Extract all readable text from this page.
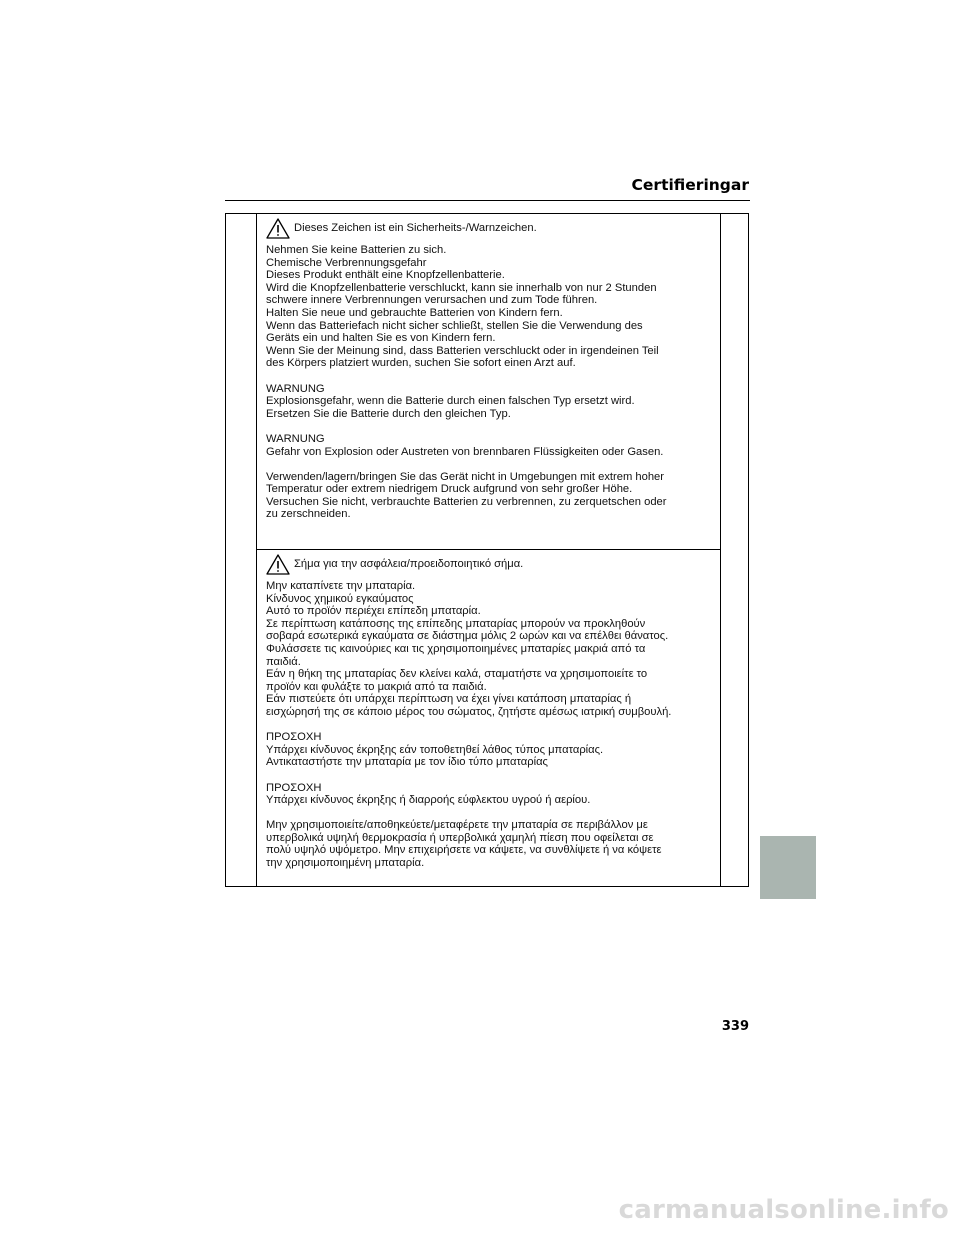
Certifieringar
Dieses Zeichen ist ein Sicherheits-/Warnzeichen.
Nehmen Sie keine Batterien zu sich.
Chemische Verbrennungsgefahr
Dieses Produkt enthält eine Knopfzellenbatterie.
Wird die Knopfzellenbatterie verschluckt, kann sie innerhalb von nur 2 Stunden
schwere innere Verbrennungen verursachen und zum Tode führen.
Halten Sie neue und gebrauchte Batterien von Kindern fern.
Wenn das Batteriefach nicht sicher schließt, stellen Sie die Verwendung des
Geräts ein und halten Sie es von Kindern fern.
Wenn Sie der Meinung sind, dass Batterien verschluckt oder in irgendeinen Teil
des Körpers platziert wurden, suchen Sie sofort einen Arzt auf.
WARNUNG
Explosionsgefahr, wenn die Batterie durch einen falschen Typ ersetzt wird.
Ersetzen Sie die Batterie durch den gleichen Typ.
WARNUNG
Gefahr von Explosion oder Austreten von brennbaren Flüssigkeiten oder Gasen.
Verwenden/lagern/bringen Sie das Gerät nicht in Umgebungen mit extrem hoher
Temperatur oder extrem niedrigem Druck aufgrund von sehr großer Höhe.
Versuchen Sie nicht, verbrauchte Batterien zu verbrennen, zu zerquetschen oder
zu zerschneiden.
Σήμα για την ασφάλεια/προειδοποιητικό σήμα.
Μην καταπίνετε την μπαταρία.
Κίνδυνος χημικού εγκαύματος
Αυτό το προϊόν περιέχει επίπεδη μπαταρία.
Σε περίπτωση κατάποσης της επίπεδης μπαταρίας μπορούν να προκληθούν
σοβαρά εσωτερικά εγκαύματα σε διάστημα μόλις 2 ωρών και να επέλθει θάνατος.
Φυλάσσετε τις καινούριες και τις χρησιμοποιημένες μπαταρίες μακριά από τα
παιδιά.
Εάν η θήκη της μπαταρίας δεν κλείνει καλά, σταματήστε να χρησιμοποιείτε το
προϊόν και φυλάξτε το μακριά από τα παιδιά.
Εάν πιστεύετε ότι υπάρχει περίπτωση να έχει γίνει κατάποση μπαταρίας ή
εισχώρησή της σε κάποιο μέρος του σώματος, ζητήστε αμέσως ιατρική συμβουλή.
ΠΡΟΣΟΧΗ
Υπάρχει κίνδυνος έκρηξης εάν τοποθετηθεί λάθος τύπος μπαταρίας.
Αντικαταστήστε την μπαταρία με τον ίδιο τύπο μπαταρίας
ΠΡΟΣΟΧΗ
Υπάρχει κίνδυνος έκρηξης ή διαρροής εύφλεκτου υγρού ή αερίου.
Μην χρησιμοποιείτε/αποθηκεύετε/μεταφέρετε την μπαταρία σε περιβάλλον με
υπερβολικά υψηλή θερμοκρασία ή υπερβολικά χαμηλή πίεση που οφείλεται σε
πολύ υψηλό υψόμετρο. Μην επιχειρήσετε να κάψετε, να συνθλίψετε ή να κόψετε
την χρησιμοποιημένη μπαταρία.
339
carmanualsonline.info
